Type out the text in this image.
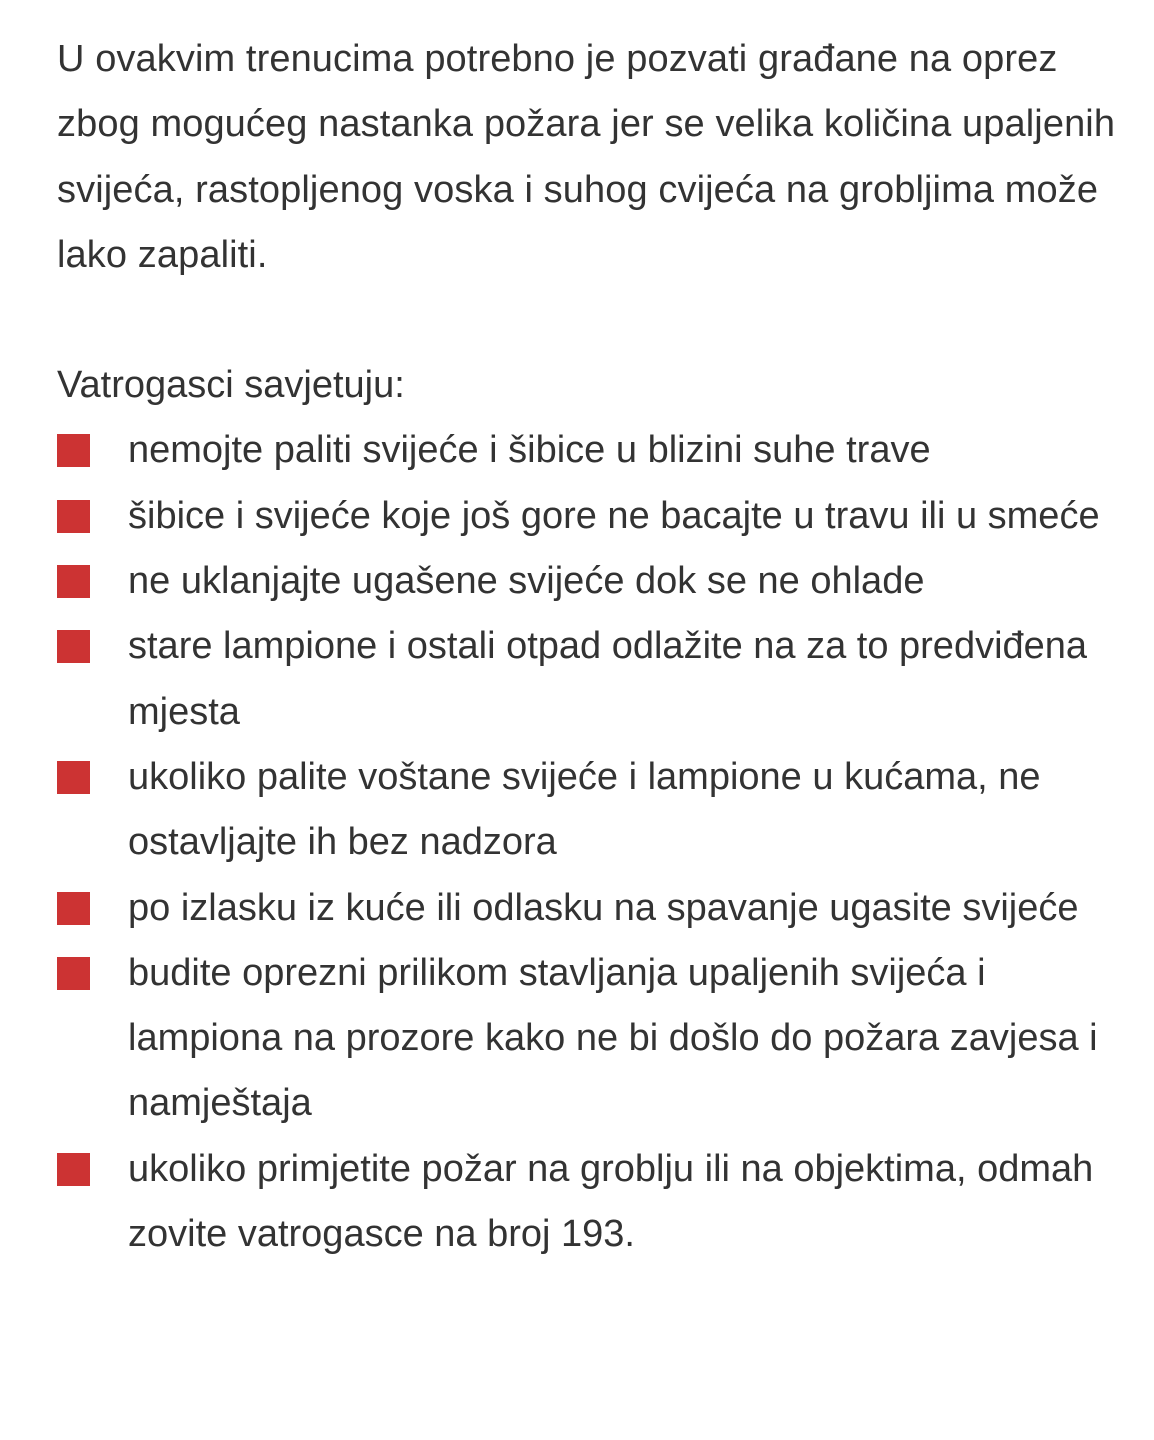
U ovakvim trenucima potrebno je pozvati građane na oprez zbog mogućeg nastanka požara jer se velika količina upaljenih svijeća, rastopljenog voska i suhog cvijeća na grobljima može lako zapaliti.

Vatrogasci savjetuju:

nemojte paliti svijeće i šibice u blizini suhe trave
šibice i svijeće koje još gore ne bacajte u travu ili u smeće
ne uklanjajte ugašene svijeće dok se ne ohlade
stare lampione i ostali otpad odlažite na za to predviđena mjesta
ukoliko palite voštane svijeće i lampione u kućama, ne ostavljajte ih bez nadzora
po izlasku iz kuće ili odlasku na spavanje ugasite svijeće
budite oprezni prilikom stavljanja upaljenih svijeća i lampiona na prozore kako ne bi došlo do požara zavjesa i namještaja
ukoliko primjetite požar na groblju ili na objektima, odmah zovite vatrogasce na broj 193.
